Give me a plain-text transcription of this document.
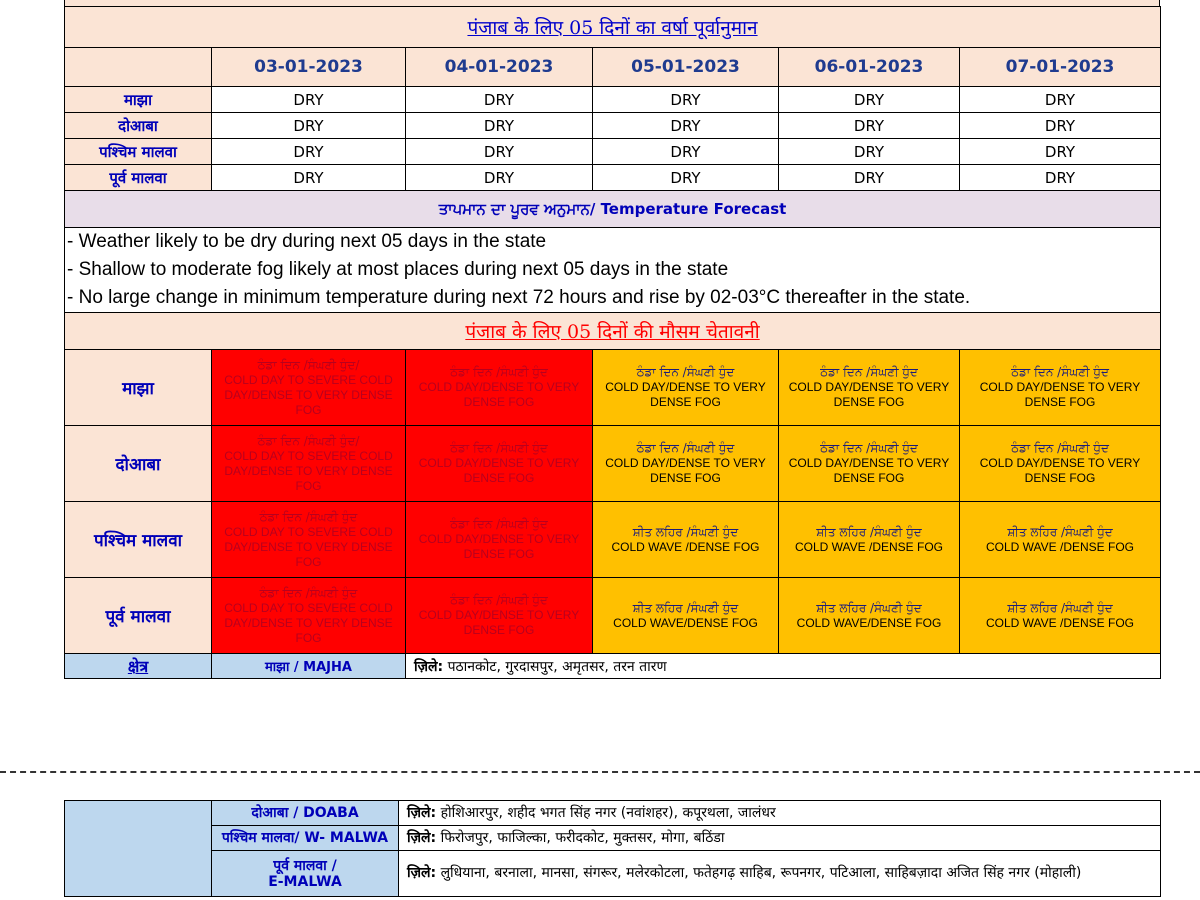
पंजाब के लिए 05 दिनों का वर्षा पूर्वानुमान					
	03-01-2023	04-01-2023	05-01-2023	06-01-2023	07-01-2023
माझा	DRY	DRY	DRY	DRY	DRY
दोआबा	DRY	DRY	DRY	DRY	DRY
पश्चिम मालवा	DRY	DRY	DRY	DRY	DRY
पूर्व मालवा	DRY	DRY	DRY	DRY	DRY
ਤਾਪਮਾਨ ਦਾ ਪੂਰਵ ਅਨੁਮਾਨ/ Temperature Forecast					

- Weather likely to be dry during next 05 days in the state
- Shallow to moderate fog likely at most places during next 05 days in the state
- No large change in minimum temperature during next 72 hours and rise by 02-03°C thereafter in the state.					

पंजाब के लिए 05 दिनों की मौसम चेतावनी					
माझा	ਠੰਡਾ ਦਿਨ /ਸੰਘਣੀ ਧੁੰਦ/
COLD DAY TO SEVERE COLD DAY/DENSE TO VERY DENSE FOG	ਠੰਡਾ ਦਿਨ /ਸੰਘਣੀ ਧੁੰਦ
COLD DAY/DENSE TO VERY DENSE FOG	ਠੰਡਾ ਦਿਨ /ਸੰਘਣੀ ਧੁੰਦ
COLD DAY/DENSE TO VERY DENSE FOG	ਠੰਡਾ ਦਿਨ /ਸੰਘਣੀ ਧੁੰਦ
COLD DAY/DENSE TO VERY DENSE FOG	ਠੰਡਾ ਦਿਨ /ਸੰਘਣੀ ਧੁੰਦ
COLD DAY/DENSE TO VERY DENSE FOG

दोआबा	ਠੰਡਾ ਦਿਨ /ਸੰਘਣੀ ਧੁੰਦ/
COLD DAY TO SEVERE COLD DAY/DENSE TO VERY DENSE FOG	ਠੰਡਾ ਦਿਨ /ਸੰਘਣੀ ਧੁੰਦ
COLD DAY/DENSE TO VERY DENSE FOG	ਠੰਡਾ ਦਿਨ /ਸੰਘਣੀ ਧੁੰਦ
COLD DAY/DENSE TO VERY DENSE FOG	ਠੰਡਾ ਦਿਨ /ਸੰਘਣੀ ਧੁੰਦ
COLD DAY/DENSE TO VERY DENSE FOG	ਠੰਡਾ ਦਿਨ /ਸੰਘਣੀ ਧੁੰਦ
COLD DAY/DENSE TO VERY DENSE FOG

पश्चिम मालवा	ਠੰਡਾ ਦਿਨ /ਸੰਘਣੀ ਧੁੰਦ
COLD DAY TO SEVERE COLD DAY/DENSE TO VERY DENSE FOG	ਠੰਡਾ ਦਿਨ /ਸੰਘਣੀ ਧੁੰਦ
COLD DAY/DENSE TO VERY DENSE FOG	ਸ਼ੀਤ ਲਹਿਰ /ਸੰਘਣੀ ਧੁੰਦ
COLD WAVE /DENSE FOG	ਸ਼ੀਤ ਲਹਿਰ /ਸੰਘਣੀ ਧੁੰਦ
COLD WAVE /DENSE FOG	ਸ਼ੀਤ ਲਹਿਰ /ਸੰਘਣੀ ਧੁੰਦ
COLD WAVE /DENSE FOG

पूर्व मालवा	ਠੰਡਾ ਦਿਨ /ਸੰਘਣੀ ਧੁੰਦ
COLD DAY TO SEVERE COLD DAY/DENSE TO VERY DENSE FOG	ਠੰਡਾ ਦਿਨ /ਸੰਘਣੀ ਧੁੰਦ
COLD DAY/DENSE TO VERY DENSE FOG	ਸ਼ੀਤ ਲਹਿਰ /ਸੰਘਣੀ ਧੁੰਦ
COLD WAVE/DENSE FOG	ਸ਼ੀਤ ਲਹਿਰ /ਸੰਘਣੀ ਧੁੰਦ
COLD WAVE/DENSE FOG	ਸ਼ੀਤ ਲਹਿਰ /ਸੰਘਣੀ ਧੁੰਦ
COLD WAVE /DENSE FOG

क्षेत्र	माझा / MAJHA	ज़िले: पठानकोट, गुरदासपुर, अमृतसर, तरन तारण			
	दोआबा / DOABA	ज़िले: होशिआरपुर, शहीद भगत सिंह नगर (नवांशहर), कपूरथला, जालंधर
	पश्चिम मालवा/ W- MALWA	ज़िले: फिरोजपुर, फाजिल्का, फरीदकोट, मुक्तसर, मोगा, बठिंडा

	पूर्व मालवा /
E-MALWA	ज़िले: लुधियाना, बरनाला, मानसा, संगरूर, मलेरकोटला, फतेहगढ़ साहिब, रूपनगर, पटिआला, साहिबज़ादा अजित सिंह नगर (मोहाली)
